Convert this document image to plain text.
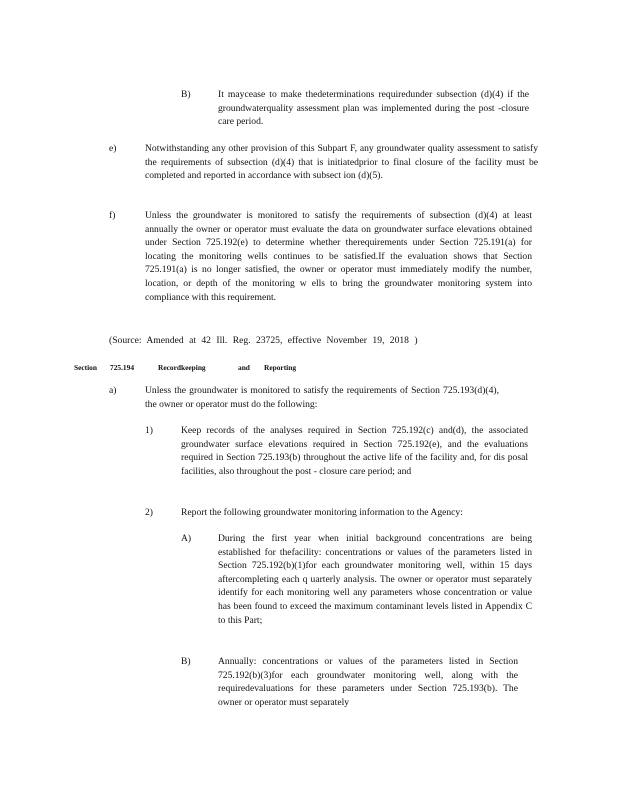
B)	It maycease to make thedeterminations requiredunder subsection (d)(4) if the groundwaterquality assessment plan was implemented during the post -closure care period.
e)	Notwithstanding any other provision of this Subpart F, any groundwater quality assessment to satisfy the requirements of subsection (d)(4) that is initiatedprior to final closure of the facility must be completed and reported in accordance with subsect ion (d)(5).
f)	Unless the groundwater is monitored to satisfy the requirements of subsection (d)(4) at least annually the owner or operator must evaluate the data on groundwater surface elevations obtained under Section 725.192(e) to determine whether therequirements under Section 725.191(a) for locating the monitoring wells continues to be satisfied.If the evaluation shows that Section 725.191(a) is no longer satisfied, the owner or operator must immediately modify the number, location, or depth of the monitoring w ells to bring the groundwater monitoring system into compliance with this requirement.
(Source: Amended at 42 Ill. Reg. 23725, effective November 19, 2018 )
Section 725.194	Recordkeeping	and Reporting
a)	Unless the groundwater is monitored to satisfy the requirements of Section 725.193(d)(4), the owner or operator must do the following:
1)	Keep records of the analyses required in Section 725.192(c) and(d), the associated groundwater surface elevations required in Section 725.192(e), and the evaluations required in Section 725.193(b) throughout the active life of the facility and, for dis posal facilities, also throughout the post - closure care period; and
2)	Report the following groundwater monitoring information to the Agency:
A)	During the first year when initial background concentrations are being established for thefacility: concentrations or values of the parameters listed in Section 725.192(b)(1)for each groundwater monitoring well, within 15 days aftercompleting each q uarterly analysis. The owner or operator must separately identify for each monitoring well any parameters whose concentration or value has been found to exceed the maximum contaminant levels listed in Appendix C to this Part;
B)	Annually: concentrations or values of the parameters listed in Section 725.192(b)(3)for each groundwater monitoring well, along with the requiredevaluations for these parameters under Section 725.193(b). The owner or operator must separately
